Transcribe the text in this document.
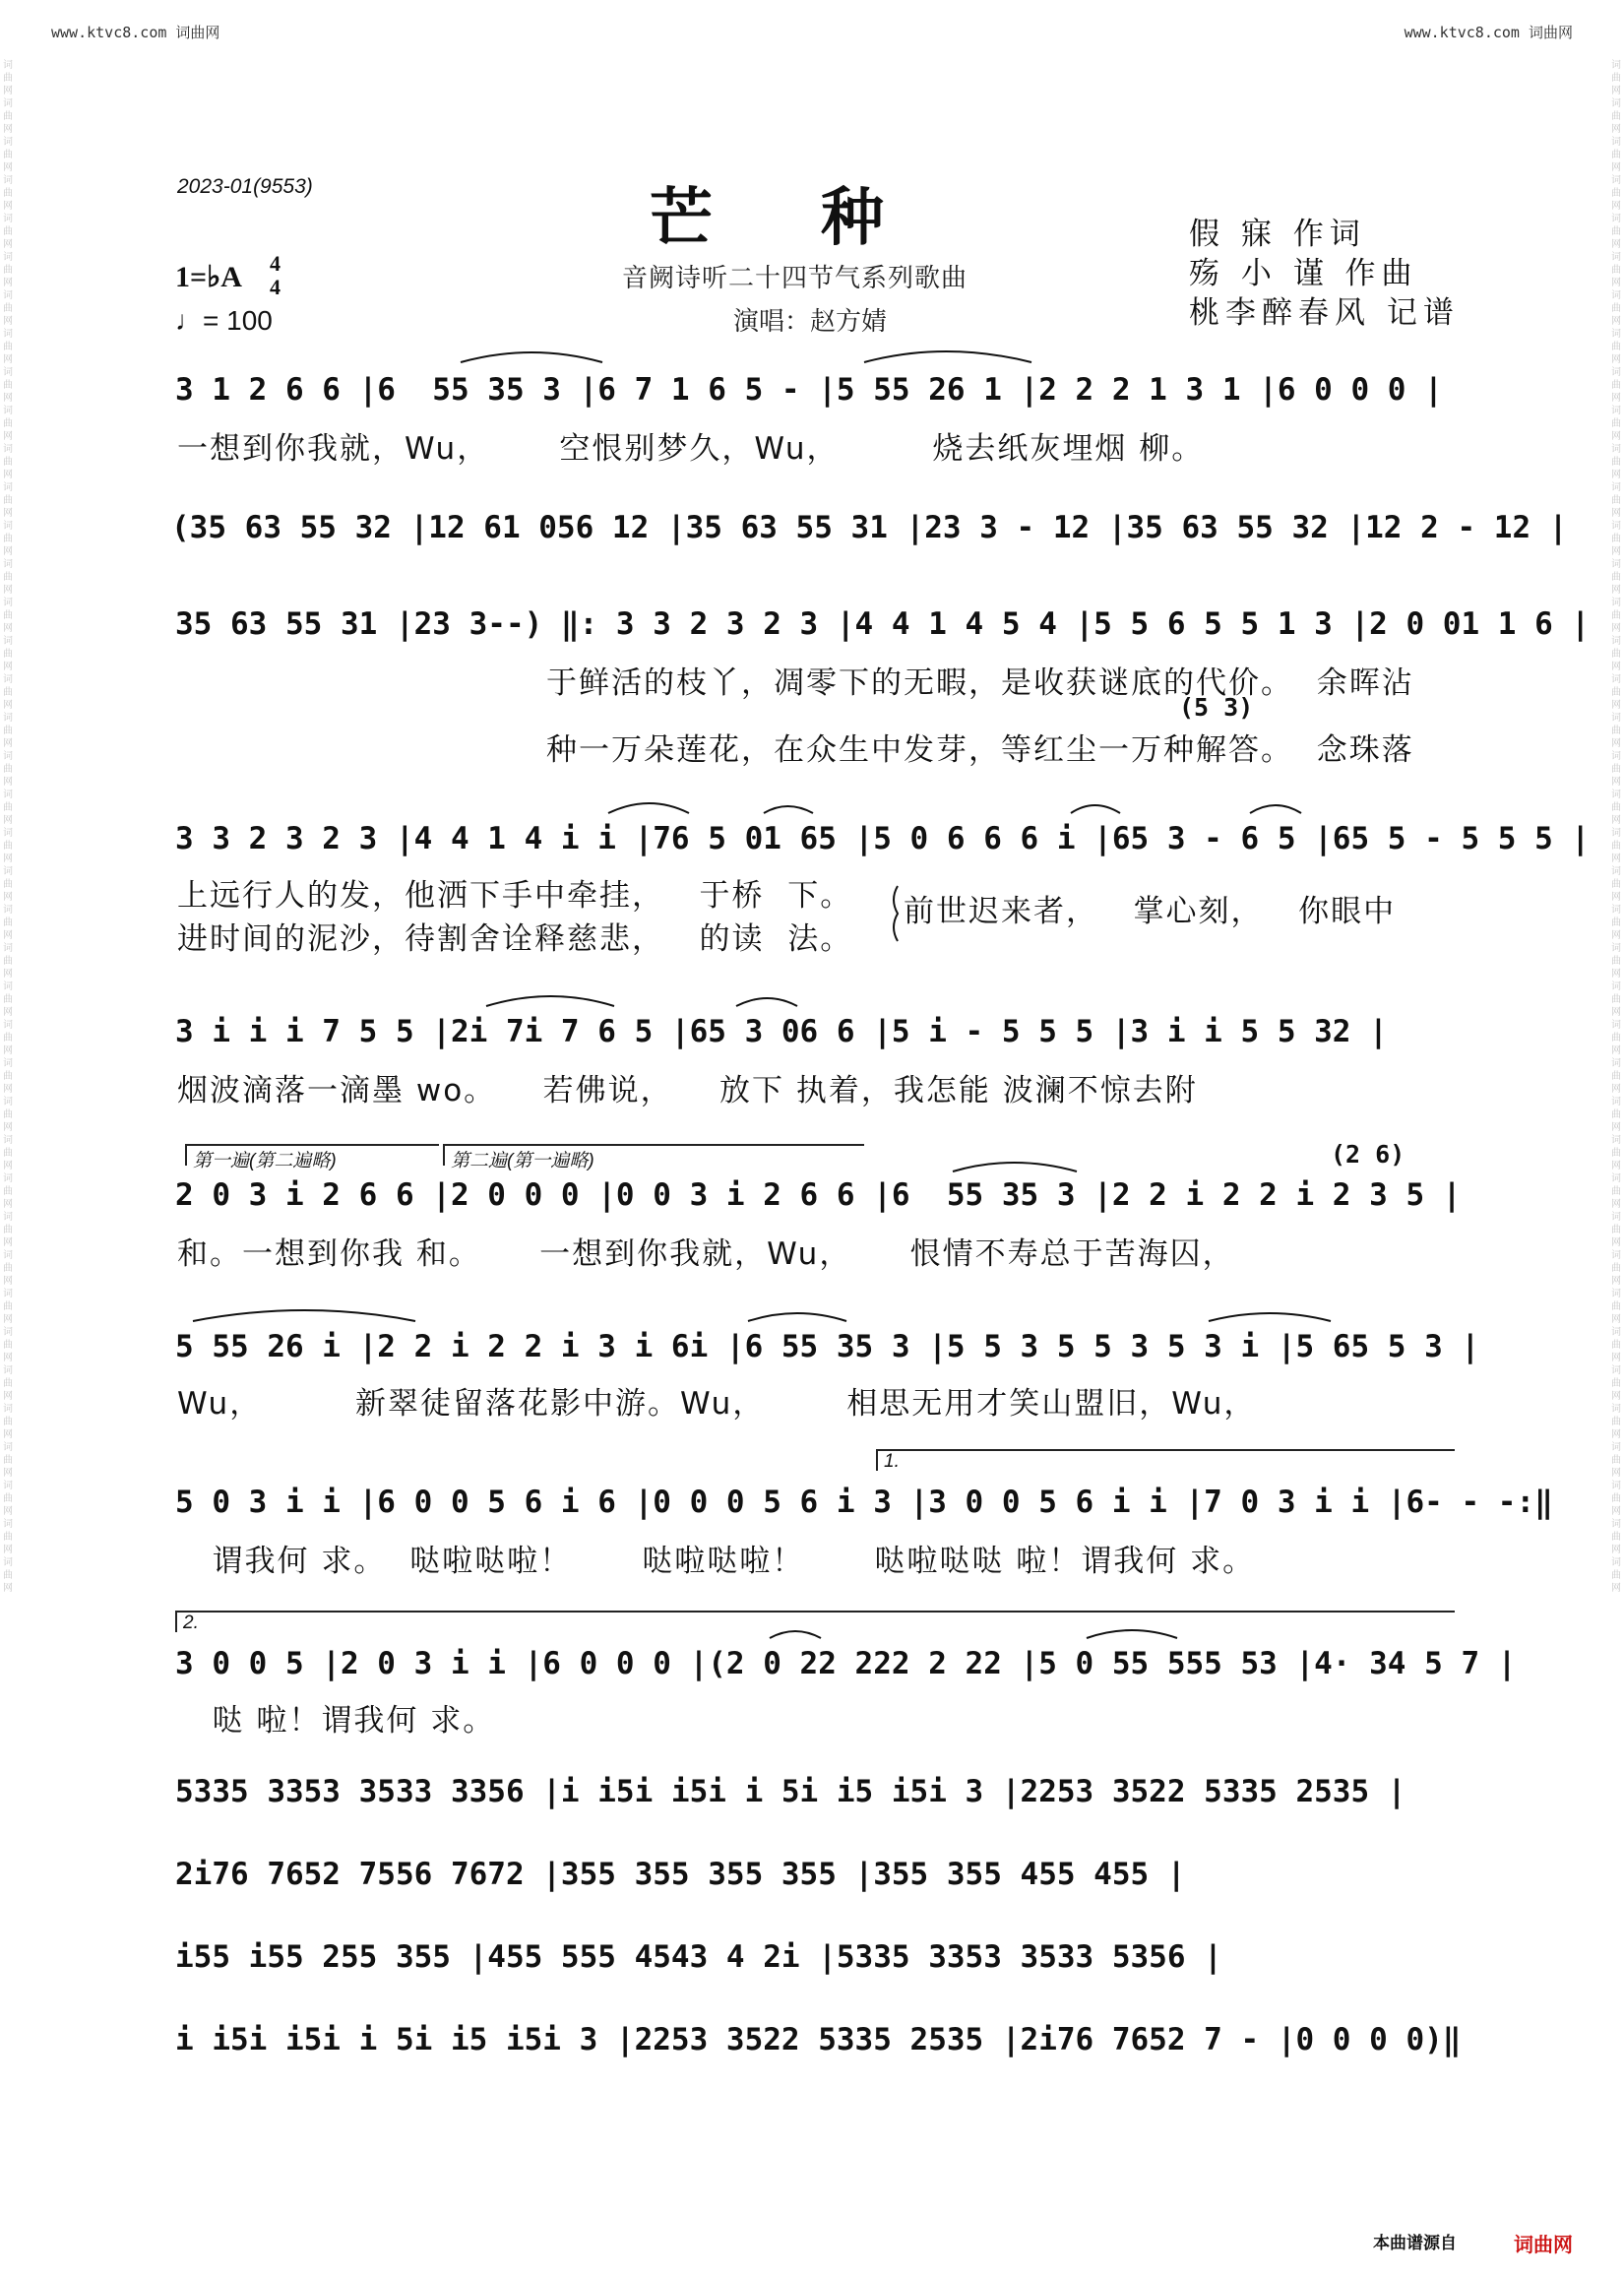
www.ktvc8.com 词曲网	www.ktvc8.com 词曲网
词曲网词曲网词曲网词曲网词曲网词曲网词曲网词曲网词曲网词曲网词曲网词曲网词曲网词曲网词曲网词曲网词曲网词曲网词曲网词曲网词曲网词曲网词曲网词曲网词曲网词曲网词曲网词曲网词曲网词曲网词曲网词曲网词曲网词曲网词曲网词曲网词曲网词曲网词曲网词曲网
词曲网词曲网词曲网词曲网词曲网词曲网词曲网词曲网词曲网词曲网词曲网词曲网词曲网词曲网词曲网词曲网词曲网词曲网词曲网词曲网词曲网词曲网词曲网词曲网词曲网词曲网词曲网词曲网词曲网词曲网词曲网词曲网词曲网词曲网词曲网词曲网词曲网词曲网词曲网词曲网
2023-01(9553)	芒种
音阙诗听二十四节气系列歌曲
演唱：赵方婧
假 寐 作词
殇 小 谨 作曲
桃李醉春风 记谱
1=♭A 4
4
♩= 100
3 1 2 6 6 |6  55 35 3 |6 7 1 6 5 - |5 55 26 1 |2 2 2 1 3 1 |6 0 0 0 |
一想到你我就，Wu，      空恨别梦久，Wu，        烧去纸灰埋烟 柳。
(35 63 55 32 |12 61 056 12 |35 63 55 31 |23 3 - 12 |35 63 55 32 |12 2 - 12 |
35 63 55 31 |23 3--) ‖: 3 3 2 3 2 3 |4 4 1 4 5 4 |5 5 6 5 5 1 3 |2 0 01 1 6 |
于鲜活的枝丫，凋零下的无暇，是收获谜底的代价。  余晖沾
(5 3)
种一万朵莲花，在众生中发芽，等红尘一万种解答。  念珠落
3 3 2 3 2 3 |4 4 1 4 i i |76 5 01 65 |5 0 6 6 6 i |65 3 - 6 5 |65 5 - 5 5 5 |
上远行人的发，他洒下手中牵挂，   于桥  下。
进时间的泥沙，待割舍诠释慈悲，   的读  法。
前世迟来者，   掌心刻，   你眼中
3 i i i 7 5 5 |2i 7i 7 6 5 |65 3 06 6 |5 i - 5 5 5 |3 i i 5 5 32 |
烟波滴落一滴墨 wo。    若佛说，    放下 执着，我怎能 波澜不惊去附
第一遍(第二遍略)	第二遍(第一遍略)	(2 6)
2 0 3 i 2 6 6 |2 0 0 0 |0 0 3 i 2 6 6 |6  55 35 3 |2 2 i 2 2 i 2 3 5 |
和。一想到你我 和。     一想到你我就，Wu，     恨情不寿总于苦海囚，
5 55 26 i |2 2 i 2 2 i 3 i 6i |6 55 35 3 |5 5 3 5 5 3 5 3 i |5 65 5 3 |
Wu，        新翠徒留落花影中游。Wu，       相思无用才笑山盟旧，Wu，
1.
5 0 3 i i |6 0 0 5 6 i 6 |0 0 0 5 6 i 3 |3 0 0 5 6 i i |7 0 3 i i |6- - -:‖
谓我何 求。  哒啦哒啦！      哒啦哒啦！      哒啦哒哒 啦！谓我何 求。
2.
3 0 0 5 |2 0 3 i i |6 0 0 0 |(2 0 22 222 2 22 |5 0 55 555 53 |4· 34 5 7 |
哒 啦！谓我何 求。
5335 3353 3533 3356 |i i5i i5i i 5i i5 i5i 3 |2253 3522 5335 2535 |
2i76 7652 7556 7672 |355 355 355 355 |355 355 455 455 |
i55 i55 255 355 |455 555 4543 4 2i |5335 3353 3533 5356 |
i i5i i5i i 5i i5 i5i 3 |2253 3522 5335 2535 |2i76 7652 7 - |0 0 0 0)‖
本曲谱源自	词曲网
